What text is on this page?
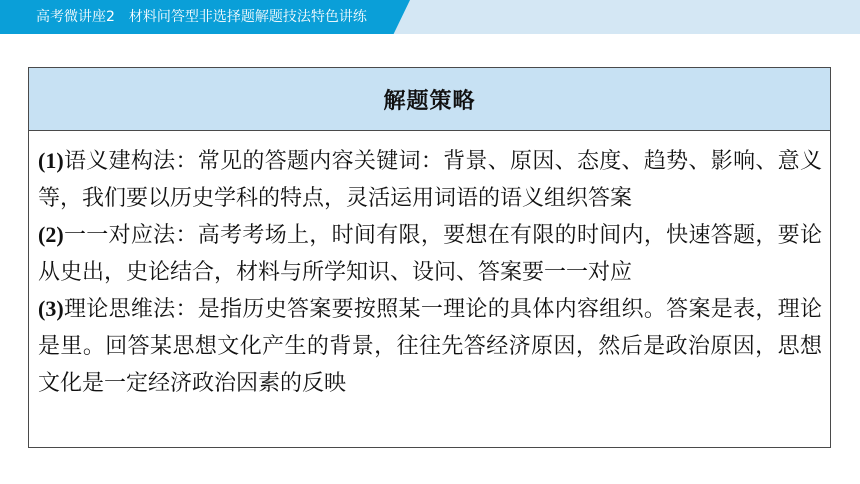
高考微讲座2 材料问答型非选择题解题技法特色讲练
解题策略

(1)语义建构法：常见的答题内容关键词：背景、原因、态度、趋势、影响、意义等，我们要以历史学科的特点，灵活运用词语的语义组织答案

(2)一一对应法：高考考场上，时间有限，要想在有限的时间内，快速答题，要论从史出，史论结合，材料与所学知识、设问、答案要一一对应

(3)理论思维法：是指历史答案要按照某一理论的具体内容组织。答案是表，理论是里。回答某思想文化产生的背景，往往先答经济原因，然后是政治原因，思想文化是一定经济政治因素的反映
